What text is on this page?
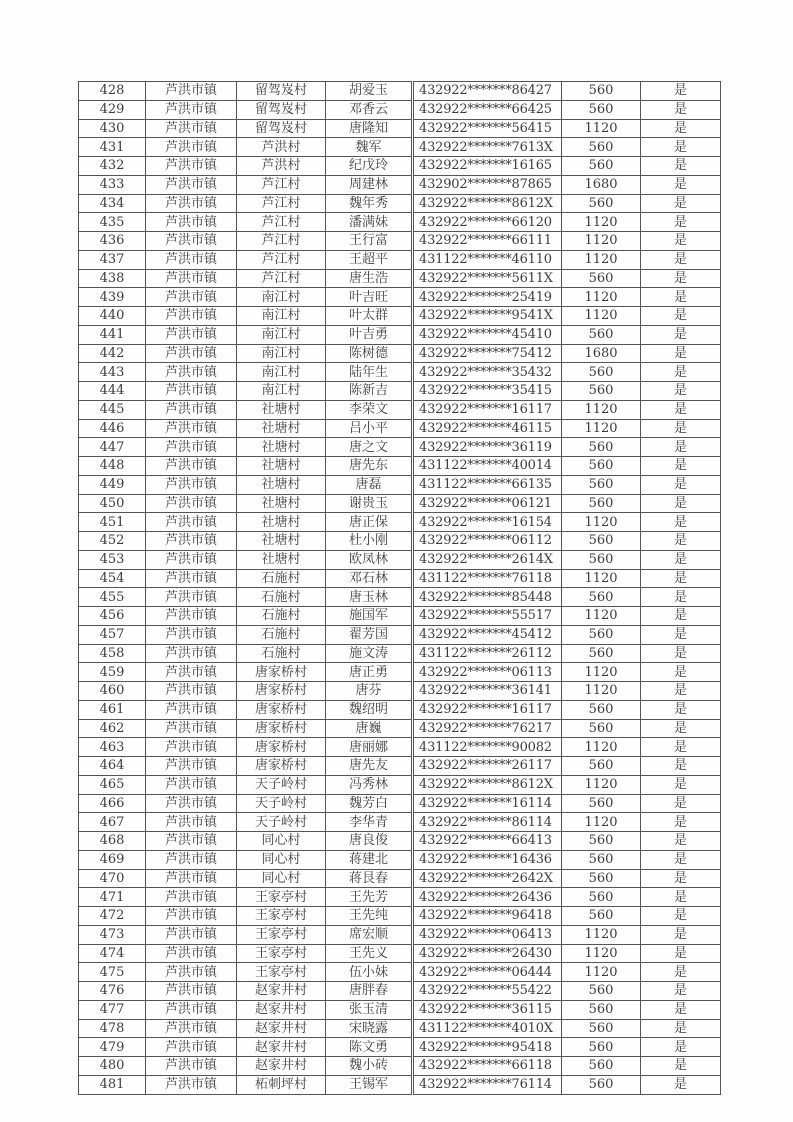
428	芦洪市镇	留驾岌村	胡爱玉	432922*******86427	560	是
429	芦洪市镇	留驾岌村	邓香云	432922*******66425	560	是
430	芦洪市镇	留驾岌村	唐隆知	432922*******56415	1120	是
431	芦洪市镇	芦洪村	魏军	432922*******7613X	560	是
432	芦洪市镇	芦洪村	纪戊玲	432922*******16165	560	是
433	芦洪市镇	芦江村	周建林	432902*******87865	1680	是
434	芦洪市镇	芦江村	魏年秀	432922*******8612X	560	是
435	芦洪市镇	芦江村	潘满妹	432922*******66120	1120	是
436	芦洪市镇	芦江村	王行富	432922*******66111	1120	是
437	芦洪市镇	芦江村	王超平	431122*******46110	1120	是
438	芦洪市镇	芦江村	唐生浩	432922*******5611X	560	是
439	芦洪市镇	南江村	叶吉旺	432922*******25419	1120	是
440	芦洪市镇	南江村	叶太群	432922*******9541X	1120	是
441	芦洪市镇	南江村	叶吉勇	432922*******45410	560	是
442	芦洪市镇	南江村	陈树德	432922*******75412	1680	是
443	芦洪市镇	南江村	陆年生	432922*******35432	560	是
444	芦洪市镇	南江村	陈新吉	432922*******35415	560	是
445	芦洪市镇	社塘村	李荣文	432922*******16117	1120	是
446	芦洪市镇	社塘村	吕小平	432922*******46115	1120	是
447	芦洪市镇	社塘村	唐之文	432922*******36119	560	是
448	芦洪市镇	社塘村	唐先东	431122*******40014	560	是
449	芦洪市镇	社塘村	唐磊	431122*******66135	560	是
450	芦洪市镇	社塘村	谢贵玉	432922*******06121	560	是
451	芦洪市镇	社塘村	唐正保	432922*******16154	1120	是
452	芦洪市镇	社塘村	杜小刚	432922*******06112	560	是
453	芦洪市镇	社塘村	欧凤林	432922*******2614X	560	是
454	芦洪市镇	石施村	邓石林	431122*******76118	1120	是
455	芦洪市镇	石施村	唐玉林	432922*******85448	560	是
456	芦洪市镇	石施村	施国军	432922*******55517	1120	是
457	芦洪市镇	石施村	翟芳国	432922*******45412	560	是
458	芦洪市镇	石施村	施文涛	431122*******26112	560	是
459	芦洪市镇	唐家桥村	唐正勇	432922*******06113	1120	是
460	芦洪市镇	唐家桥村	唐芬	432922*******36141	1120	是
461	芦洪市镇	唐家桥村	魏绍明	432922*******16117	560	是
462	芦洪市镇	唐家桥村	唐巍	432922*******76217	560	是
463	芦洪市镇	唐家桥村	唐丽娜	431122*******90082	1120	是
464	芦洪市镇	唐家桥村	唐先友	432922*******26117	560	是
465	芦洪市镇	天子岭村	冯秀林	432922*******8612X	1120	是
466	芦洪市镇	天子岭村	魏芳白	432922*******16114	560	是
467	芦洪市镇	天子岭村	李华青	432922*******86114	1120	是
468	芦洪市镇	同心村	唐良俊	432922*******66413	560	是
469	芦洪市镇	同心村	蒋建北	432922*******16436	560	是
470	芦洪市镇	同心村	蒋艮春	432922*******2642X	560	是
471	芦洪市镇	王家亭村	王先芳	432922*******26436	560	是
472	芦洪市镇	王家亭村	王先纯	432922*******96418	560	是
473	芦洪市镇	王家亭村	席宏顺	432922*******06413	1120	是
474	芦洪市镇	王家亭村	王先义	432922*******26430	1120	是
475	芦洪市镇	王家亭村	伍小妹	432922*******06444	1120	是
476	芦洪市镇	赵家井村	唐胖春	432922*******55422	560	是
477	芦洪市镇	赵家井村	张玉清	432922*******36115	560	是
478	芦洪市镇	赵家井村	宋晓露	431122*******4010X	560	是
479	芦洪市镇	赵家井村	陈文勇	432922*******95418	560	是
480	芦洪市镇	赵家井村	魏小砖	432922*******66118	560	是
481	芦洪市镇	柘刺坪村	王锡军	432922*******76114	560	是
